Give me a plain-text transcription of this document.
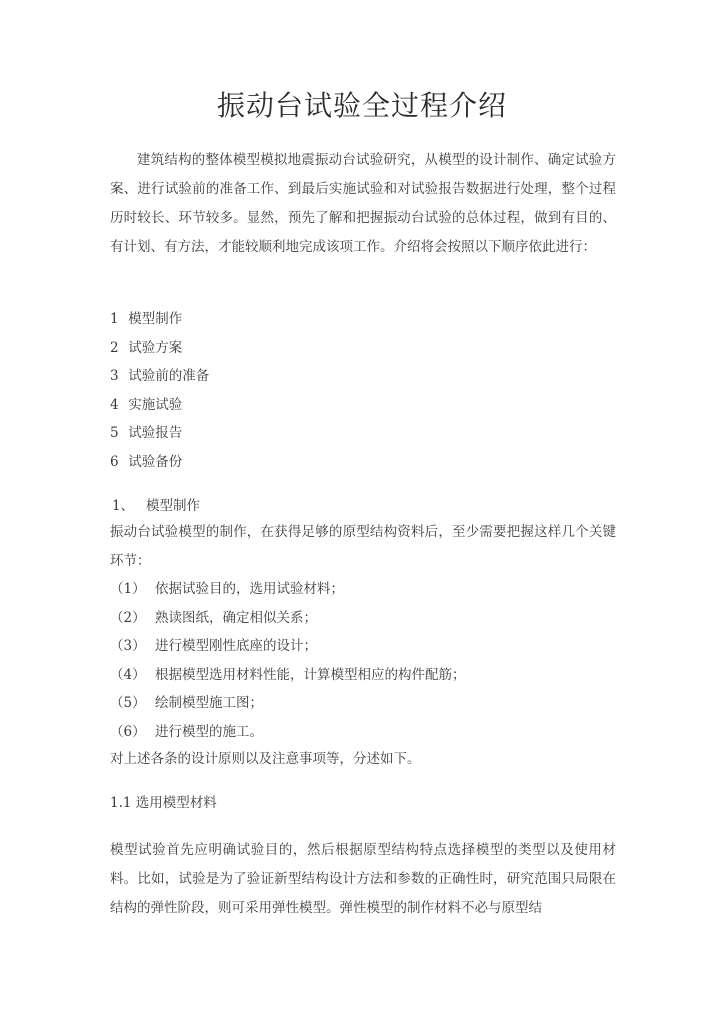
振动台试验全过程介绍

建筑结构的整体模型模拟地震振动台试验研究，从模型的设计制作、确定试验方案、进行试验前的准备工作、到最后实施试验和对试验报告数据进行处理，整个过程历时较长、环节较多。显然，预先了解和把握振动台试验的总体过程，做到有目的、有计划、有方法，才能较顺利地完成该项工作。介绍将会按照以下顺序依此进行：

1 模型制作
2 试验方案
3 试验前的准备
4 实施试验
5 试验报告
6 试验备份
1、 模型制作

振动台试验模型的制作，在获得足够的原型结构资料后，至少需要把握这样几个关键环节：

（1） 依据试验目的，选用试验材料；
（2） 熟读图纸，确定相似关系；
（3） 进行模型刚性底座的设计；
（4） 根据模型选用材料性能，计算模型相应的构件配筋；
（5） 绘制模型施工图；
（6） 进行模型的施工。

对上述各条的设计原则以及注意事项等，分述如下。

1.1 选用模型材料

模型试验首先应明确试验目的，然后根据原型结构特点选择模型的类型以及使用材料。比如，试验是为了验证新型结构设计方法和参数的正确性时，研究范围只局限在结构的弹性阶段，则可采用弹性模型。弹性模型的制作材料不必与原型结
